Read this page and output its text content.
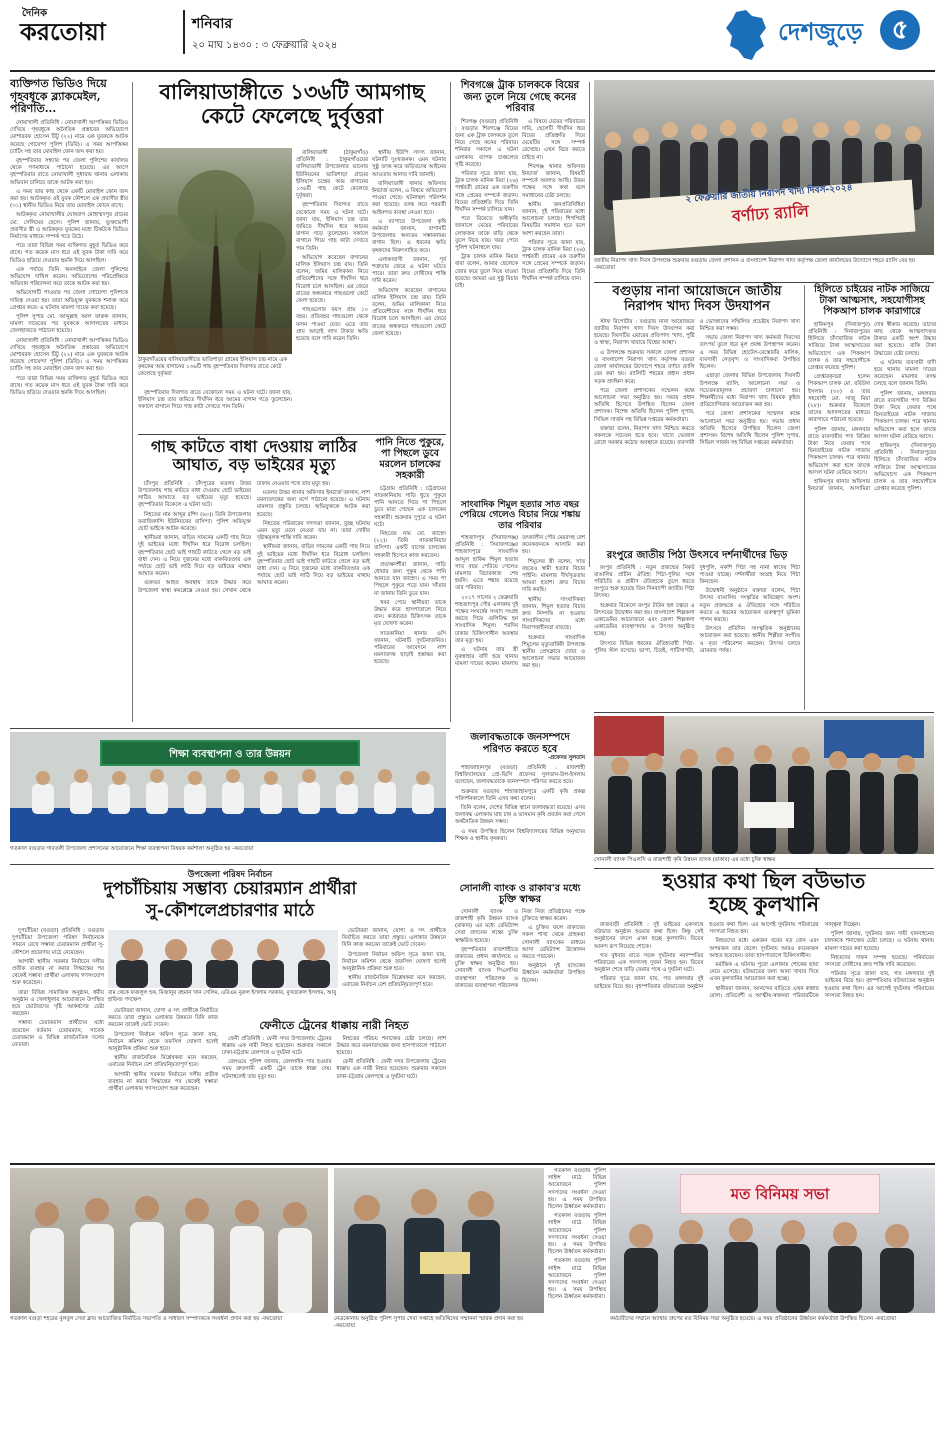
দৈনিক
করতোয়া	শনিবার
২০ মাঘ ১৪৩০ : ৩ ফেব্রুয়ারি ২০২৪	দেশজুড়ে	৫
ব্যক্তিগত ভিডিও দিয়ে গৃহবধূকে ব্ল্যাকমেইল, পরিণতি...

নোয়াখালী প্রতিনিধি : নোয়াখালী আপত্তিকর ভিডিও দেখিয়ে গৃহবধূকে অনৈতিক প্রস্তাবের অভিযোগে মোশাররফ হোসেন টিটু (২২) নামে এক যুবককে আটক করেছে গোয়েন্দা পুলিশ (ডিবি)। এ সময় আপত্তিকর চ্যাটিং সহ তার মোবাইল ফোন জব্দ করা হয়।

বৃহস্পতিবার সন্ধ্যার পর জেলা পুলিশের কার্যালয় থেকে গণমাধ্যমে পাঠানো হয়েছে। এর আগে বৃহস্পতিবার রাতে নোয়াখালী সুধারাম থানার এলাকায় অভিযান চালিয়ে তাকে আটক করা হয়।

এ সময় তার কাছ থেকে একটি মোবাইল ফোন জব্দ করা হয়। আটককৃত ওই যুবক কৌশলে এক প্রবাসীর স্ত্রীর (৩১) স্থানীয় ভিডিও নিয়ে তার মোবাইল ফোনে রাখে।

আটককৃত নোয়াখালীর ঘোষবাগ মোহাম্মদপুর গ্রামের মো. সেলিমের ছেলে। পুলিশ জানায়, ভুক্তভোগী প্রবাসীর স্ত্রী ও আটককৃত যুবকের মধ্যে টিকটকে ভিডিও নির্মাণের মাধ্যমে সম্পর্ক গড়ে উঠে।

পরে তারা বিভিন্ন সময় ব্যক্তিগত মুহূর্ত ভিডিও করে রাখে। গত কয়েক মাস ধরে ওই যুবক টাকা দাবি করে ভিডিও ছড়িয়ে দেওয়ার হুমকি দিয়ে আসছিল।

এক পর্যায়ে তিনি অনলাইনে জেলা পুলিশের অভিযোগ দাখিল করেন। অভিযোগের পরিপ্রেক্ষিতে অভিযান পরিচালনা করে তাকে আটক করা হয়।

অভিযোগটি পাওয়ার পর জেলা গোয়েন্দা পুলিশকে দায়িত্ব দেওয়া হয়। তারা অভিযুক্ত যুবককে শনাক্ত করে গ্রেপ্তার করে। এ ঘটনায় মামলা দায়ের করা হয়েছে।

পুলিশ সুপার মো. আব্দুল্লাহ আল ফারুক জানান, মামলা দায়েরের পর যুবককে আদালতের মাধ্যমে জেলহাজতে পাঠানো হয়েছে।

নোয়াখালী প্রতিনিধি : নোয়াখালী আপত্তিকর ভিডিও দেখিয়ে গৃহবধূকে অনৈতিক প্রস্তাবের অভিযোগে মোশাররফ হোসেন টিটু (২২) নামে এক যুবককে আটক করেছে গোয়েন্দা পুলিশ (ডিবি)। এ সময় আপত্তিকর চ্যাটিং সহ তার মোবাইল ফোন জব্দ করা হয়।

পরে তারা বিভিন্ন সময় ব্যক্তিগত মুহূর্ত ভিডিও করে রাখে। গত কয়েক মাস ধরে ওই যুবক টাকা দাবি করে ভিডিও ছড়িয়ে দেওয়ার হুমকি দিয়ে আসছিল।

বালিয়াডাঙ্গীতে ১৩৬টি আমগাছ
কেটে ফেলেছে দুর্বৃত্তরা
ঠাকুরগাঁওয়ের বালিয়াডাঙ্গীতে ভাতিশাড়া গ্রামের ইলিয়াস চন্দ্র নামে এক কৃষকের আম বাগানের ১৩৬টি গাছ বৃহস্পতিবার দিবাগত রাতে কেটে ফেলেছে দুর্বৃত্তরা

বালিয়াডাঙ্গী (ঠাকুরগাঁও) প্রতিনিধি : ঠাকুরগাঁওয়ের বালিয়াডাঙ্গী উপজেলার ভানোর ইউনিয়নের ভাতিশাড়া গ্রামের ইলিয়াস চন্দ্রের আম বাগানের ১৩৬টি গাছ কেটে ফেলেছে দুর্বৃত্তরা।

বৃহস্পতিবার দিবাগত রাতে যেকোনো সময় এ ঘটনা ঘটে। জানা যায়, ইলিয়াস চন্দ্র তার জমিতে দীর্ঘদিন ধরে আমের বাগান গড়ে তুলেছেন। সকালে বাগানে গিয়ে গাছ কাটা দেখতে পান তিনি।

অভিযোগ করেছেন বাগানের মালিক ইলিয়াস চন্দ্র রায়। তিনি বলেন, জমির মালিকানা নিয়ে প্রতিবেশীদের সঙ্গে দীর্ঘদিন ধরে বিরোধ চলে আসছিল। এর জেরে রাতের অন্ধকারে গাছগুলো কেটে ফেলা হয়েছে।

গাছগুলোর বয়স প্রায় ১০ বছর। প্রতিবছর গাছগুলো থেকে ফলন পাওয়া যেত। এতে তার প্রায় আড়াই লাখ টাকার ক্ষতি হয়েছে বলে দাবি করেন তিনি।

স্থানীয় ইউপি সদস্য জানান, ঘটনাটি দুঃখজনক। এমন ঘটনার সুষ্ঠু তদন্ত করে জড়িতদের আইনের আওতায় আনার দাবি জানাই।

বালিয়াডাঙ্গী থানার অফিসার ইনচার্জ বলেন, এ বিষয়ে অভিযোগ পাওয়া গেছে। ঘটনাস্থল পরিদর্শন করা হয়েছে। তদন্ত করে পরবর্তী আইনগত ব্যবস্থা নেওয়া হবে।

এ ব্যাপারে উপজেলা কৃষি কর্মকর্তা জানান, বাগানটি উপজেলার অন্যতম সম্ভাবনাময় বাগান ছিল। এ ধরনের ক্ষতি কৃষকদের নিরুৎসাহিত করে।

এলাকাবাসী জানান, পূর্ব শত্রুতার জেরে এ ঘটনা ঘটতে পারে। তারা দ্রুত দোষীদের শাস্তি দাবি করেন।

অভিযোগ করেছেন বাগানের মালিক ইলিয়াস চন্দ্র রায়। তিনি বলেন, জমির মালিকানা নিয়ে প্রতিবেশীদের সঙ্গে দীর্ঘদিন ধরে বিরোধ চলে আসছিল। এর জেরে রাতের অন্ধকারে গাছগুলো কেটে ফেলা হয়েছে।

বৃহস্পতিবার দিবাগত রাতে যেকোনো সময় এ ঘটনা ঘটে। জানা যায়, ইলিয়াস চন্দ্র তার জমিতে দীর্ঘদিন ধরে আমের বাগান গড়ে তুলেছেন। সকালে বাগানে গিয়ে গাছ কাটা দেখতে পান তিনি।

গাছ কাটতে বাধা দেওয়ায় লাঠির
আঘাত, বড় ভাইয়ের মৃত্যু

চাঁদপুর প্রতিনিধি : চাঁদপুরের মতলব উত্তর উপজেলায় গাছ কাটতে বাধা দেওয়ায় ছোট ভাইয়ের লাঠির আঘাতে বড় ভাইয়ের মৃত্যু হয়েছে। বৃহস্পতিবার বিকেলে এ ঘটনা ঘটে।

নিহতের নাম আব্দুর রশিদ (৬০)। তিনি উপজেলার ফরাজিকান্দি ইউনিয়নের বাসিন্দা। পুলিশ অভিযুক্ত ছোট ভাইকে আটক করেছে।

স্থানীয়রা জানান, বাড়ির সামনের একটি গাছ নিয়ে দুই ভাইয়ের মধ্যে দীর্ঘদিন ধরে বিরোধ চলছিল। বৃহস্পতিবার ছোট ভাই গাছটি কাটতে গেলে বড় ভাই বাধা দেন। এ নিয়ে দুজনের মধ্যে বাকবিতণ্ডার এক পর্যায়ে ছোট ভাই লাঠি দিয়ে বড় ভাইয়ের মাথায় আঘাত করেন।

গুরুতর আহত অবস্থায় তাকে উদ্ধার করে উপজেলা স্বাস্থ্য কমপ্লেক্সে নেওয়া হয়। সেখান থেকে ঢাকায় নেওয়ার পথে তার মৃত্যু হয়।

মতলব উত্তর থানার অফিসার ইনচার্জ জানান, লাশ ময়নাতদন্তের জন্য মর্গে পাঠানো হয়েছে। এ ঘটনায় মামলার প্রস্তুতি চলছে। অভিযুক্তকে আটক করা হয়েছে।

নিহতের পরিবারের সদস্যরা জানান, তুচ্ছ ঘটনায় এমন মৃত্যু মেনে নেওয়া যায় না। তারা দোষীর দৃষ্টান্তমূলক শাস্তি দাবি করেন।

স্থানীয়রা জানান, বাড়ির সামনের একটি গাছ নিয়ে দুই ভাইয়ের মধ্যে দীর্ঘদিন ধরে বিরোধ চলছিল। বৃহস্পতিবার ছোট ভাই গাছটি কাটতে গেলে বড় ভাই বাধা দেন। এ নিয়ে দুজনের মধ্যে বাকবিতণ্ডার এক পর্যায়ে ছোট ভাই লাঠি দিয়ে বড় ভাইয়ের মাথায় আঘাত করেন।

পানি নিতে পুকুরে, পা পিছলে ডুবে মরলেন চালকের সহকারী

চট্টগ্রাম প্রতিনিধি : চট্টগ্রামের সাতকানিয়ায় গাড়ি ধুতে পুকুরে পানি আনতে গিয়ে পা পিছলে ডুবে মারা গেছেন এক চালকের সহকারী। শুক্রবার দুপুরে এ ঘটনা ঘটে।

নিহতের নাম মো. জাহেদ (২২)। তিনি সাতকানিয়ার বাসিন্দা। একটি বাসের চালকের সহকারী হিসেবে কাজ করতেন।

প্রত্যক্ষদর্শীরা জানান, গাড়ি ধোয়ার জন্য পুকুর থেকে পানি আনতে যান জাহেদ। এ সময় পা পিছলে পুকুরে পড়ে যান। সাঁতার না জানায় তিনি ডুবে যান।

খবর পেয়ে স্থানীয়রা তাকে উদ্ধার করে হাসপাতালে নিয়ে যান। কর্তব্যরত চিকিৎসক তাকে মৃত ঘোষণা করেন।

সাতকানিয়া থানার ওসি জানান, ঘটনাটি দুর্ঘটনাজনিত। পরিবারের আবেদনে লাশ ময়নাতদন্ত ছাড়াই হস্তান্তর করা হয়েছে।

শিবগঞ্জে ট্রাক চালককে বিয়ের জন্য তুলে নিয়ে গেছে কনের পরিবার

শিবগঞ্জ (বগুড়া) প্রতিনিধি : বগুড়ার শিবগঞ্জে বিয়ের জন্য এক ট্রাক চালককে তুলে নিয়ে গেছে কনের পরিবার। শনিবার সকালে এ ঘটনা এলাকায় ব্যাপক চাঞ্চল্যের সৃষ্টি করেছে।

পরিবার সূত্রে জানা যায়, ট্রাক চালক মানিক মিয়া (২৬) পার্শ্ববর্তী গ্রামের এক তরুণীর সঙ্গে প্রেমের সম্পর্কে জড়ান। বিয়ের প্রতিশ্রুতি দিয়ে তিনি দীর্ঘদিন সম্পর্ক চালিয়ে যান।

পরে বিয়েতে অস্বীকৃতি জানালে মেয়ের পরিবারের লোকজন তাকে বাড়ি থেকে তুলে নিয়ে যায়। খবর পেয়ে পুলিশ ঘটনাস্থলে যায়।

ট্রাক চালক মানিক মিয়ার বাবা বলেন, আমার ছেলেকে জোর করে তুলে নিয়ে যাওয়া হয়েছে। আমরা এর সুষ্ঠু বিচার চাই।

এ বিষয়ে মেয়ের পরিবারের দাবি, ছেলেটি দীর্ঘদিন ধরে বিয়ের প্রতিশ্রুতি দিয়ে মেয়েটির সঙ্গে সম্পর্ক রেখেছে। এখন বিয়ে করতে চাইছে না।

শিবগঞ্জ থানার অফিসার ইনচার্জ জানান, বিষয়টি সম্পর্কে অবগত আছি। উভয় পক্ষের সঙ্গে কথা বলে সমাধানের চেষ্টা চলছে।

স্থানীয় জনপ্রতিনিধিরা জানান, দুই পরিবারের মধ্যে আলোচনা চলছে। শিগগিরই বিষয়টির সমাধান হবে বলে আশা করছেন তারা।

পরিবার সূত্রে জানা যায়, ট্রাক চালক মানিক মিয়া (২৬) পার্শ্ববর্তী গ্রামের এক তরুণীর সঙ্গে প্রেমের সম্পর্কে জড়ান। বিয়ের প্রতিশ্রুতি দিয়ে তিনি দীর্ঘদিন সম্পর্ক চালিয়ে যান।

সাংবাদিক শিমুল হত্যার সাত বছর পেরিয়ে গেলেও বিচার নিয়ে শঙ্কায় তার পরিবার

শাহজাদপুর (সিরাজগঞ্জ) প্রতিনিধি : সিরাজগঞ্জের শাহজাদপুরে সাংবাদিক আব্দুল হাকিম শিমুল হত্যার সাত বছর পেরিয়ে গেলেও মামলার বিচারকাজ শেষ হয়নি। এতে শঙ্কায় রয়েছে তার পরিবার।

২০১৭ সালের ২ ফেব্রুয়ারি শাহজাদপুর পৌর এলাকায় দুই পক্ষের সংঘর্ষের সংবাদ সংগ্রহ করতে গিয়ে গুলিবিদ্ধ হন সাংবাদিক শিমুল। পরদিন ঢাকায় চিকিৎসাধীন অবস্থায় তার মৃত্যু হয়।

এ ঘটনায় তার স্ত্রী নুরুন্নাহার বাদী হয়ে থানায় মামলা দায়ের করেন। মামলায় তৎকালীন পৌর মেয়রসহ বেশ কয়েকজনকে আসামি করা হয়।

শিমুলের স্ত্রী বলেন, সাত বছরেও স্বামী হত্যার বিচার পাইনি। মামলার দীর্ঘসূত্রতায় আমরা হতাশ। দ্রুত বিচার দাবি করছি।

স্থানীয় সাংবাদিকরা জানান, শিমুল হত্যার বিচার দ্রুত নিষ্পত্তি না হওয়ায় সাংবাদিকদের মধ্যে নিরাপত্তাহীনতা বাড়ছে।

শুক্রবার সাংবাদিক শিমুলের মৃত্যুবার্ষিকী উপলক্ষে স্থানীয় প্রেসক্লাবে দোয়া ও আলোচনা সভার আয়োজন করা হয়।

২ ফেব্রুয়ারি জাতীয় নিরাপদ খাদ্য দিবস-২০২৪
বর্ণাঢ্য র‍্যালি
জাতীয় নিরাপদ খাদ্য দিবস উপলক্ষে শুক্রবার বগুড়ায় জেলা প্রশাসন ও বাংলাদেশ নিরাপদ খাদ্য কর্তৃপক্ষ জেলা কার্যালয়ের উদ্যোগে শহরে র‍্যালি বের হয় -করতোয়া
বগুড়ায় নানা আয়োজনে জাতীয় নিরাপদ খাদ্য দিবস উদযাপন

স্টাফ রিপোর্টার : বগুড়ায় নানা আয়োজনে জাতীয় নিরাপদ খাদ্য দিবস উদযাপন করা হয়েছে। দিবসটির এবারের প্রতিপাদ্য 'খাদ্য, পুষ্টি ও স্বাস্থ্য, নিরাপদ খাবারে বিশ্বের আস্থা'।

এ উপলক্ষে শুক্রবার সকালে জেলা প্রশাসন ও বাংলাদেশ নিরাপদ খাদ্য কর্তৃপক্ষ বগুড়া জেলা কার্যালয়ের উদ্যোগে শহরে বর্ণাঢ্য র‍্যালি বের করা হয়। র‍্যালিটি শহরের প্রধান প্রধান সড়ক প্রদক্ষিণ করে।

পরে জেলা প্রশাসকের সম্মেলন কক্ষে আলোচনা সভা অনুষ্ঠিত হয়। সভায় প্রধান অতিথি হিসেবে উপস্থিত ছিলেন জেলা প্রশাসক। বিশেষ অতিথি ছিলেন পুলিশ সুপার, সিভিল সার্জন সহ বিভিন্ন দপ্তরের কর্মকর্তারা।

বক্তারা বলেন, নিরাপদ খাদ্য নিশ্চিত করতে সকলকে সচেতন হতে হবে। খাদ্যে ভেজাল রোধে সরকার কঠোর অবস্থানে রয়েছে। ব্যবসায়ী ও ভোক্তাদের সম্মিলিত প্রচেষ্টায় নিরাপদ খাদ্য নিশ্চিত করা সম্ভব।

সভায় জেলা নিরাপদ খাদ্য কর্মকর্তা দিবসের তাৎপর্য তুলে ধরে মূল প্রবন্ধ উপস্থাপন করেন। এ সময় বিভিন্ন হোটেল-রেস্তোরাঁর মালিক, ব্যবসায়ী নেতৃবৃন্দ ও সাংবাদিকরা উপস্থিত ছিলেন।

এছাড়া জেলার বিভিন্ন উপজেলায় দিবসটি উপলক্ষে র‍্যালি, আলোচনা সভা ও সচেতনতামূলক প্রচারণা চালানো হয়। শিক্ষার্থীদের মধ্যে নিরাপদ খাদ্য বিষয়ক কুইজ প্রতিযোগিতার আয়োজন করা হয়।

পরে জেলা প্রশাসকের সম্মেলন কক্ষে আলোচনা সভা অনুষ্ঠিত হয়। সভায় প্রধান অতিথি হিসেবে উপস্থিত ছিলেন জেলা প্রশাসক। বিশেষ অতিথি ছিলেন পুলিশ সুপার, সিভিল সার্জন সহ বিভিন্ন দপ্তরের কর্মকর্তারা।

রংপুরে জাতীয় পিঠা উৎসবে দর্শনার্থীদের ভিড়

রংপুর প্রতিনিধি : নতুন প্রজন্মের নিকট বাঙালির প্রাচীন ঐতিহ্য পিঠা-পুলির সঙ্গে পরিচিতি ও গ্রামীণ ঐতিহ্যকে তুলে ধরতে রংপুরে শুরু হয়েছে তিন দিনব্যাপী জাতীয় পিঠা উৎসব।

শুক্রবার বিকেলে রংপুর টাউন হল চত্বরে এ উৎসবের উদ্বোধন করা হয়। বাংলাদেশ শিল্পকলা একাডেমির আয়োজনে এবং জেলা শিল্পকলা একাডেমির ব্যবস্থাপনায় এ উৎসব অনুষ্ঠিত হচ্ছে।

উৎসবে বিভিন্ন ধরনের ঐতিহ্যবাহী পিঠা-পুলির স্টল বসেছে। ভাপা, চিতই, পাটিসাপটা, দুধপুলি, নকশি পিঠা সহ নানা স্বাদের পিঠা পাওয়া যাচ্ছে। দর্শনার্থীরা আগ্রহ নিয়ে পিঠা কিনছেন।

উদ্বোধনী অনুষ্ঠানে বক্তারা বলেন, পিঠা উৎসব বাঙালির সংস্কৃতির অবিচ্ছেদ্য অংশ। নতুন প্রজন্মকে এ ঐতিহ্যের সঙ্গে পরিচিত করতে এ ধরনের আয়োজন গুরুত্বপূর্ণ ভূমিকা পালন করছে।

উৎসবে প্রতিদিন সাংস্কৃতিক অনুষ্ঠানের আয়োজন করা হয়েছে। স্থানীয় শিল্পীরা সংগীত ও নৃত্য পরিবেশন করছেন। উৎসব চলবে রোববার পর্যন্ত।

হিলিতে চাইয়ের নাটক সাজিয়ে টাকা আত্মসাৎ, সহযোগীসহ পিকআপ চালক কারাগারে

হাকিমপুর (দিনাজপুর) প্রতিনিধি : দিনাজপুরের হিলিতে চাঁদাবাজির নাটক সাজিয়ে টাকা আত্মসাতের অভিযোগে এক পিকআপ চালক ও তার সহযোগীকে গ্রেপ্তার করেছে পুলিশ।

গ্রেপ্তারকৃতরা হলেন পিকআপ চালক মো. রবিউল ইসলাম (৩০) ও তার সহযোগী মো. সাজু মিয়া (২৮)। শুক্রবার বিকেলে তাদের আদালতের মাধ্যমে কারাগারে পাঠানো হয়েছে।

পুলিশ জানায়, মঙ্গলবার রাতে ব্যবসায়ীর পণ্য বিক্রির টাকা নিয়ে ফেরার পথে ছিনতাইয়ের নাটক সাজায় পিকআপ চালক। পরে থানায় অভিযোগ করা হলে তদন্তে আসল ঘটনা বেরিয়ে আসে।

হাকিমপুর থানার অফিসার ইনচার্জ জানান, আসামিরা দোষ স্বীকার করেছে। তাদের কাছ থেকে আত্মসাৎকৃত টাকার একটি অংশ উদ্ধার করা হয়েছে। বাকি টাকা উদ্ধারের চেষ্টা চলছে।

এ ঘটনায় ব্যবসায়ী বাদী হয়ে থানায় মামলা দায়ের করেছেন। মামলার তদন্ত চলছে বলে জানান তিনি।

পুলিশ জানায়, মঙ্গলবার রাতে ব্যবসায়ীর পণ্য বিক্রির টাকা নিয়ে ফেরার পথে ছিনতাইয়ের নাটক সাজায় পিকআপ চালক। পরে থানায় অভিযোগ করা হলে তদন্তে আসল ঘটনা বেরিয়ে আসে।

হাকিমপুর (দিনাজপুর) প্রতিনিধি : দিনাজপুরের হিলিতে চাঁদাবাজির নাটক সাজিয়ে টাকা আত্মসাতের অভিযোগে এক পিকআপ চালক ও তার সহযোগীকে গ্রেপ্তার করেছে পুলিশ।

শিক্ষা ব্যবস্থাপনা ও তার উন্নয়ন
গতকাল বগুড়ার গাবতলী উপজেলা প্রশাসনের আয়োজনে শিক্ষা ব্যবস্থাপনা বিষয়ক কর্মশালা অনুষ্ঠিত হয় -করতোয়া
জলাবদ্ধতাকে জনসম্পদে পরিণত করতে হবে
-প্রফেসর সুলতান

শাহাজাহানপুর (বগুড়া) প্রতিনিধি : রাজশাহী বিশ্ববিদ্যালয়ের প্রো-ভিসি প্রফেসর সুলতান-উল-ইসলাম বলেছেন, জলাবদ্ধতাকে জনসম্পদে পরিণত করতে হবে।

শুক্রবার বগুড়ার শাহাজাহানপুরে একটি কৃষি প্রকল্প পরিদর্শনকালে তিনি এসব কথা বলেন।

তিনি বলেন, দেশের বিভিন্ন স্থানে জলাবদ্ধতা রয়েছে। এসব জলাবদ্ধ এলাকায় মাছ চাষ ও ভাসমান কৃষি প্রবর্তন করা গেলে অর্থনৈতিক উন্নয়ন সম্ভব।

এ সময় উপস্থিত ছিলেন বিশ্ববিদ্যালয়ের বিভিন্ন অনুষদের শিক্ষক ও স্থানীয় কৃষকরা।

সোনালী ব্যাংক ও রাকাব'র মধ্যে চুক্তি স্বাক্ষর

সোনালী ব্যাংক ও রাজশাহী কৃষি উন্নয়ন ব্যাংক (রাকাব) এর মধ্যে রেমিট্যান্স সেবা প্রদানের লক্ষ্যে চুক্তি স্বাক্ষরিত হয়েছে।

বৃহস্পতিবার রাজশাহীতে রাকাবের প্রধান কার্যালয়ে এ চুক্তি স্বাক্ষর অনুষ্ঠিত হয়। সোনালী ব্যাংক পিএলসির ব্যবস্থাপনা পরিচালক ও রাকাবের ব্যবস্থাপনা পরিচালক নিজ নিজ প্রতিষ্ঠানের পক্ষে চুক্তিতে স্বাক্ষর করেন।

এ চুক্তির ফলে রাকাবের সকল শাখা থেকে গ্রাহকরা সোনালী ব্যাংকের মাধ্যমে আসা রেমিট্যান্স উত্তোলন করতে পারবেন।

অনুষ্ঠানে দুই ব্যাংকের ঊর্ধ্বতন কর্মকর্তারা উপস্থিত ছিলেন।

সোনালী ব্যাংক পিএলসি ও রাজশাহী কৃষি উন্নয়ন ব্যাংক (রাকাব) এর মধ্যে চুক্তি স্বাক্ষর
উপজেলা পরিষদ নির্বাচন
দুপচাঁচিয়ায় সম্ভাব্য চেয়ারম্যান প্রার্থীরা
সু-কৌশলেপ্রচারণার মাঠে

দুপচাঁচিয়া (বগুড়া) প্রতিনিধি : বগুড়ার দুপচাঁচিয়া উপজেলা পরিষদ নির্বাচনকে সামনে রেখে সম্ভাব্য চেয়ারম্যান প্রার্থীরা সু-কৌশলে প্রচারণায় মাঠে নেমেছেন।

আগামী স্থানীয় সরকার নির্বাচনে দলীয় প্রতীক ব্যবহার না করার সিদ্ধান্তের পর থেকেই সম্ভাব্য প্রার্থীরা এলাকায় গণসংযোগ শুরু করেছেন।

তারা বিভিন্ন সামাজিক অনুষ্ঠান, ধর্মীয় অনুষ্ঠান ও খেলাধুলার আয়োজনে উপস্থিত হয়ে ভোটারদের দৃষ্টি আকর্ষণের চেষ্টা করছেন।

সম্ভাব্য চেয়ারম্যান প্রার্থীদের মধ্যে রয়েছেন বর্তমান চেয়ারম্যান, সাবেক চেয়ারম্যান ও বিভিন্ন রাজনৈতিক দলের নেতারা।

বাম থেকে ফজলুল হক, মিজানুর রহমান খান সেলিম, এবিএম নুরুল ইসলাম সরকার, মুখতারুল ইসলাম, আবু হাফিজ পদক্ষেপ

ভোটাররা জানান, যোগ্য ও সৎ প্রার্থীকে নির্বাচিত করতে তারা প্রস্তুত। এলাকার উন্নয়নে যিনি কাজ করবেন তাকেই ভোট দেবেন।

উপজেলা নির্বাচন অফিস সূত্রে জানা যায়, নির্বাচন কমিশন থেকে তফসিল ঘোষণা হলেই আনুষ্ঠানিক প্রক্রিয়া শুরু হবে।

স্থানীয় রাজনৈতিক বিশ্লেষকরা মনে করছেন, এবারের নির্বাচন বেশ প্রতিদ্বন্দ্বিতাপূর্ণ হবে।

ভোটাররা জানান, যোগ্য ও সৎ প্রার্থীকে নির্বাচিত করতে তারা প্রস্তুত। এলাকার উন্নয়নে যিনি কাজ করবেন তাকেই ভোট দেবেন।

উপজেলা নির্বাচন অফিস সূত্রে জানা যায়, নির্বাচন কমিশন থেকে তফসিল ঘোষণা হলেই আনুষ্ঠানিক প্রক্রিয়া শুরু হবে।

স্থানীয় রাজনৈতিক বিশ্লেষকরা মনে করছেন, এবারের নির্বাচন বেশ প্রতিদ্বন্দ্বিতাপূর্ণ হবে।

আগামী স্থানীয় সরকার নির্বাচনে দলীয় প্রতীক ব্যবহার না করার সিদ্ধান্তের পর থেকেই সম্ভাব্য প্রার্থীরা এলাকায় গণসংযোগ শুরু করেছেন।

ফেনীতে ট্রেনের ধাক্কায় নারী নিহত

ফেনী প্রতিনিধি : ফেনী সদর উপজেলায় ট্রেনের ধাক্কায় এক নারী নিহত হয়েছেন। শুক্রবার সকালে ঢাকা-চট্টগ্রাম রেলপথে এ দুর্ঘটনা ঘটে।

রেলওয়ে পুলিশ জানায়, রেললাইন পার হওয়ার সময় দ্রুতগামী একটি ট্রেন তাকে ধাক্কা দেয়। ঘটনাস্থলেই তার মৃত্যু হয়।

নিহতের পরিচয় শনাক্তের চেষ্টা চলছে। লাশ উদ্ধার করে ময়নাতদন্তের জন্য হাসপাতালে পাঠানো হয়েছে।

ফেনী প্রতিনিধি : ফেনী সদর উপজেলায় ট্রেনের ধাক্কায় এক নারী নিহত হয়েছেন। শুক্রবার সকালে ঢাকা-চট্টগ্রাম রেলপথে এ দুর্ঘটনা ঘটে।

হওয়ার কথা ছিল বউভাত
হচ্ছে কুলখানি

রাজবাড়ী প্রতিনিধি : দুই ভাইয়ের একসাথে বউভাত অনুষ্ঠান হওয়ার কথা ছিল। কিন্তু সেই অনুষ্ঠানের বদলে এখন হচ্ছে কুলখানি। বিয়ের আনন্দ রূপ নিয়েছে শোকে।

গত বুধবার রাতে সড়ক দুর্ঘটনায় নবদম্পতির পরিবারের এক সদস্যসহ দুজন নিহত হন। বিয়ের অনুষ্ঠান শেষে বাড়ি ফেরার পথে এ দুর্ঘটনা ঘটে।

পরিবার সূত্রে জানা যায়, গত মঙ্গলবার দুই ভাইয়ের বিয়ে হয়। বৃহস্পতিবার বউভাতের অনুষ্ঠান হওয়ার কথা ছিল। এর আগেই দুর্ঘটনায় পরিবারের সদস্যরা নিহত হন।

নিহতদের মধ্যে একজন বরের বড় বোন এবং অপরজন তার ছেলে। দুর্ঘটনায় আরও কয়েকজন আহত হয়েছেন। তারা হাসপাতালে চিকিৎসাধীন।

মর্মান্তিক এ ঘটনায় পুরো এলাকায় শোকের ছায়া নেমে এসেছে। বউভাতের জন্য আনা খাবার দিয়ে এখন কুলখানির আয়োজন করা হচ্ছে।

স্থানীয়রা জানান, আনন্দের বাড়িতে এখন কান্নার রোল। প্রতিবেশী ও আত্মীয়-স্বজনরা পরিবারটিকে সান্ত্বনা দিচ্ছেন।

পুলিশ জানায়, দুর্ঘটনার জন্য দায়ী যানবাহনের চালককে শনাক্তের চেষ্টা চলছে। এ ঘটনায় থানায় মামলা দায়ের করা হয়েছে।

নিহতদের দাফন সম্পন্ন হয়েছে। পরিবারের সদস্যরা দোষীদের দ্রুত শাস্তি দাবি করেছেন।

পরিবার সূত্রে জানা যায়, গত মঙ্গলবার দুই ভাইয়ের বিয়ে হয়। বৃহস্পতিবার বউভাতের অনুষ্ঠান হওয়ার কথা ছিল। এর আগেই দুর্ঘটনায় পরিবারের সদস্যরা নিহত হন।

গতকাল বগুড়া শহরের বুলবুল সেবা ক্লাব আয়োজিত নির্বাচিত সভাপতি ও সাধারণ সম্পাদককে সংবর্ধনা প্রদান করা হয় -করতোয়া	নেত্রকোনায় অনুষ্ঠিত পুলিশ সুপার সেবা সপ্তাহে অতিথিদের সম্মাননা স্মারক প্রদান করা হয় -করতোয়া

গতকাল বগুড়ায় পুলিশ লাইন্স মাঠে বিভিন্ন আয়োজনে পুলিশ সদস্যদের সংবর্ধনা দেওয়া হয়। এ সময় উপস্থিত ছিলেন ঊর্ধ্বতন কর্মকর্তারা।

গতকাল বগুড়ায় পুলিশ লাইন্স মাঠে বিভিন্ন আয়োজনে পুলিশ সদস্যদের সংবর্ধনা দেওয়া হয়। এ সময় উপস্থিত ছিলেন ঊর্ধ্বতন কর্মকর্তারা।

গতকাল বগুড়ায় পুলিশ লাইন্স মাঠে বিভিন্ন আয়োজনে পুলিশ সদস্যদের সংবর্ধনা দেওয়া হয়। এ সময় উপস্থিত ছিলেন ঊর্ধ্বতন কর্মকর্তারা।

মত বিনিময় সভা
কর্মচারীদের সম্মানে অ্যাম্বার গ্রুপের মত বিনিময় সভা অনুষ্ঠিত হয়েছে। এ সময় প্রতিষ্ঠানের ঊর্ধ্বতন কর্মকর্তারা উপস্থিত ছিলেন -করতোয়া
